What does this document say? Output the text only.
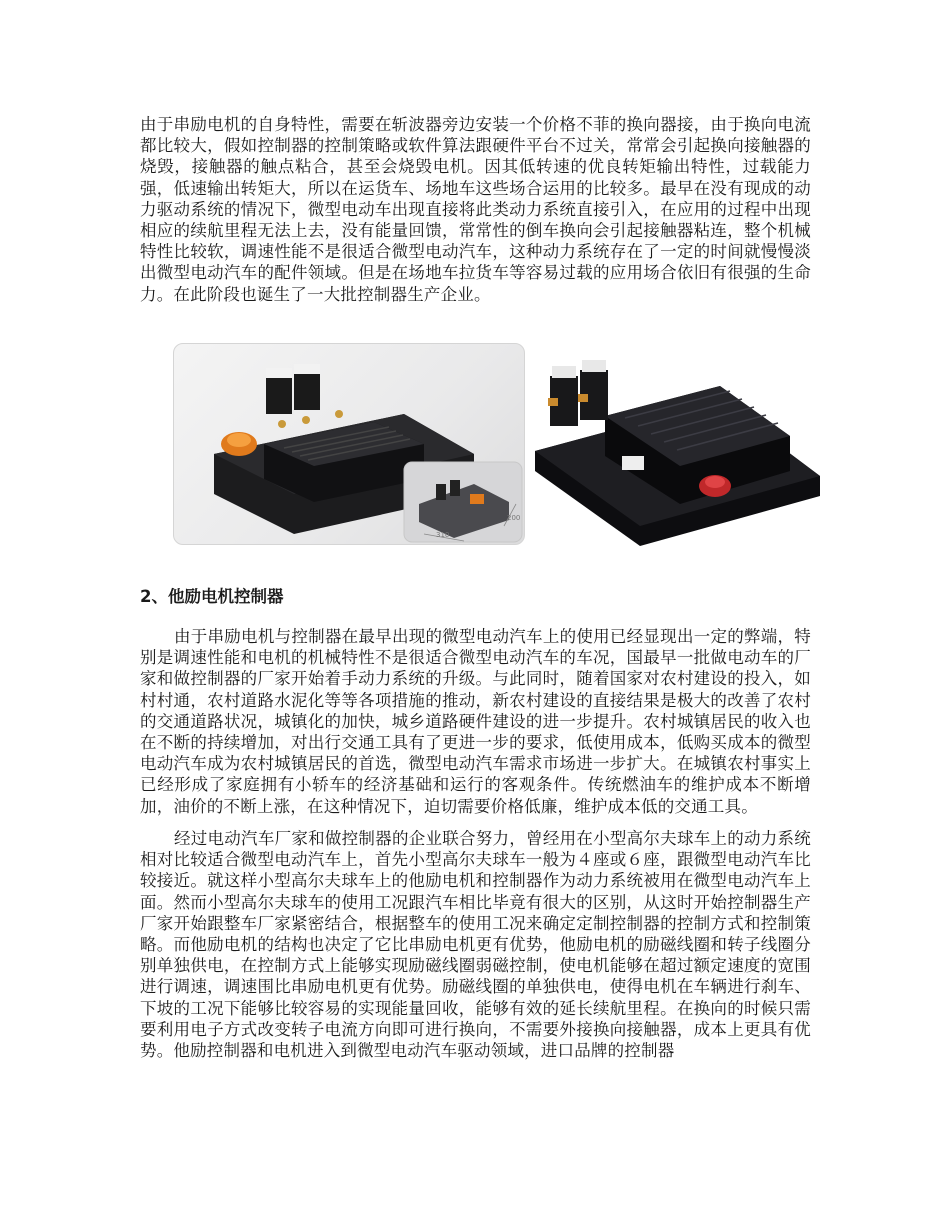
由于串励电机的自身特性，需要在斩波器旁边安装一个价格不菲的换向器接，由于换向电流都比较大，假如控制器的控制策略或软件算法跟硬件平台不过关，常常会引起换向接触器的烧毁，接触器的触点粘合，甚至会烧毁电机。因其低转速的优良转矩输出特性，过载能力强，低速输出转矩大，所以在运货车、场地车这些场合运用的比较多。最早在没有现成的动力驱动系统的情况下，微型电动车出现直接将此类动力系统直接引入，在应用的过程中出现相应的续航里程无法上去，没有能量回馈，常常性的倒车换向会引起接触器粘连，整个机械特性比较软，调速性能不是很适合微型电动汽车，这种动力系统存在了一定的时间就慢慢淡出微型电动汽车的配件领域。但是在场地车拉货车等容易过载的应用场合依旧有很强的生命力。在此阶段也诞生了一大批控制器生产企业。

310
200
2、他励电机控制器

由于串励电机与控制器在最早出现的微型电动汽车上的使用已经显现出一定的弊端，特别是调速性能和电机的机械特性不是很适合微型电动汽车的车况，国最早一批做电动车的厂家和做控制器的厂家开始着手动力系统的升级。与此同时，随着国家对农村建设的投入，如村村通，农村道路水泥化等等各项措施的推动，新农村建设的直接结果是极大的改善了农村的交通道路状况，城镇化的加快，城乡道路硬件建设的进一步提升。农村城镇居民的收入也在不断的持续增加，对出行交通工具有了更进一步的要求，低使用成本，低购买成本的微型电动汽车成为农村城镇居民的首选，微型电动汽车需求市场进一步扩大。在城镇农村事实上已经形成了家庭拥有小轿车的经济基础和运行的客观条件。传统燃油车的维护成本不断增加，油价的不断上涨，在这种情况下，迫切需要价格低廉，维护成本低的交通工具。

经过电动汽车厂家和做控制器的企业联合努力，曾经用在小型高尔夫球车上的动力系统相对比较适合微型电动汽车上，首先小型高尔夫球车一般为４座或６座，跟微型电动汽车比较接近。就这样小型高尔夫球车上的他励电机和控制器作为动力系统被用在微型电动汽车上面。然而小型高尔夫球车的使用工况跟汽车相比毕竟有很大的区别，从这时开始控制器生产厂家开始跟整车厂家紧密结合，根据整车的使用工况来确定定制控制器的控制方式和控制策略。而他励电机的结构也决定了它比串励电机更有优势，他励电机的励磁线圈和转子线圈分别单独供电，在控制方式上能够实现励磁线圈弱磁控制，使电机能够在超过额定速度的宽围进行调速，调速围比串励电机更有优势。励磁线圈的单独供电，使得电机在车辆进行刹车、下坡的工况下能够比较容易的实现能量回收，能够有效的延长续航里程。在换向的时候只需要利用电子方式改变转子电流方向即可进行换向，不需要外接换向接触器，成本上更具有优势。他励控制器和电机进入到微型电动汽车驱动领域，进口品牌的控制器
